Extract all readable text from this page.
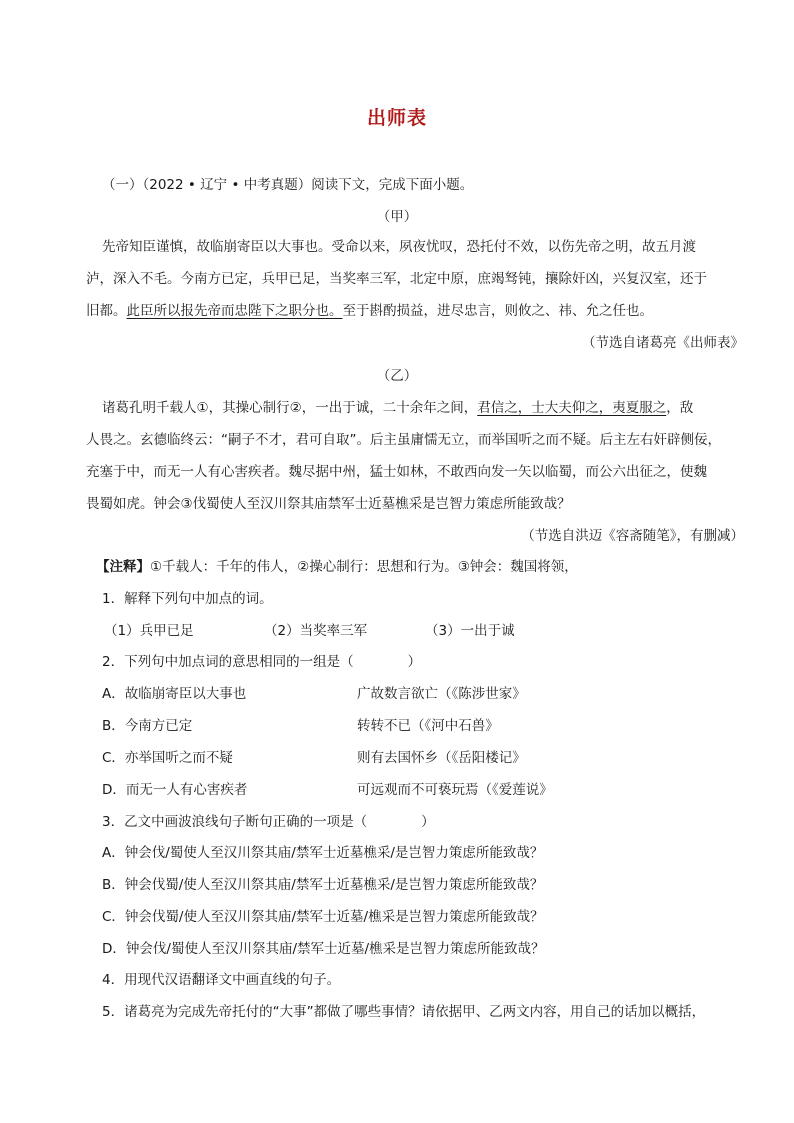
出师表
（一）（2022 • 辽宁 • 中考真题）阅读下文，完成下面小题。
（甲）
先帝知臣谨慎，故临崩寄臣以大事也。受命以来，夙夜忧叹，恐托付不效，以伤先帝之明，故五月渡
泸，深入不毛。今南方已定，兵甲已足，当奖率三军，北定中原，庶竭驽钝，攘除奸凶，兴复汉室，还于
旧都。此臣所以报先帝而忠陛下之职分也。至于斟酌损益，进尽忠言，则攸之、祎、允之任也。
（节选自诸葛亮《出师表》
（乙）
诸葛孔明千载人①，其操心制行②，一出于诚，二十余年之间，君信之，士大夫仰之，夷夏服之，敌
人畏之。玄德临终云：“嗣子不才，君可自取”。后主虽庸懦无立，而举国听之而不疑。后主左右奸辟侧佞，
充塞于中，而无一人有心害疾者。魏尽据中州，猛士如林，不敢西向发一矢以临蜀，而公六出征之，使魏
畏蜀如虎。钟会③伐蜀使人至汉川祭其庙禁军士近墓樵采是岂智力策虑所能致哉？
（节选自洪迈《容斋随笔》，有删减）
【注释】①千载人：千年的伟人，②操心制行：思想和行为。③钟会：魏国将领，
1．解释下列句中加点的词。
（1）兵甲已足	（2）当奖率三军	（3）一出于诚
2．下列句中加点词的意思相同的一组是（　　　　）
A．故临崩寄臣以大事也	广故数言欲亡（《陈涉世家》
B．今南方已定	转转不已（《河中石兽》
C．亦举国听之而不疑	则有去国怀乡（《岳阳楼记》
D．而无一人有心害疾者	可远观而不可亵玩焉（《爱莲说》
3．乙文中画波浪线句子断句正确的一项是（　　　　）
A．钟会伐/蜀使人至汉川祭其庙/禁军士近墓樵采/是岂智力策虑所能致哉？
B．钟会伐蜀/使人至汉川祭其庙/禁军士近墓樵采/是岂智力策虑所能致哉？
C．钟会伐蜀/使人至汉川祭其庙/禁军士近墓/樵采是岂智力策虑所能致哉？
D．钟会伐/蜀使人至汉川祭其庙/禁军士近墓/樵采是岂智力策虑所能致哉？
4．用现代汉语翻译文中画直线的句子。
5．诸葛亮为完成先帝托付的“大事”都做了哪些事情？请依据甲、乙两文内容，用自己的话加以概括，
